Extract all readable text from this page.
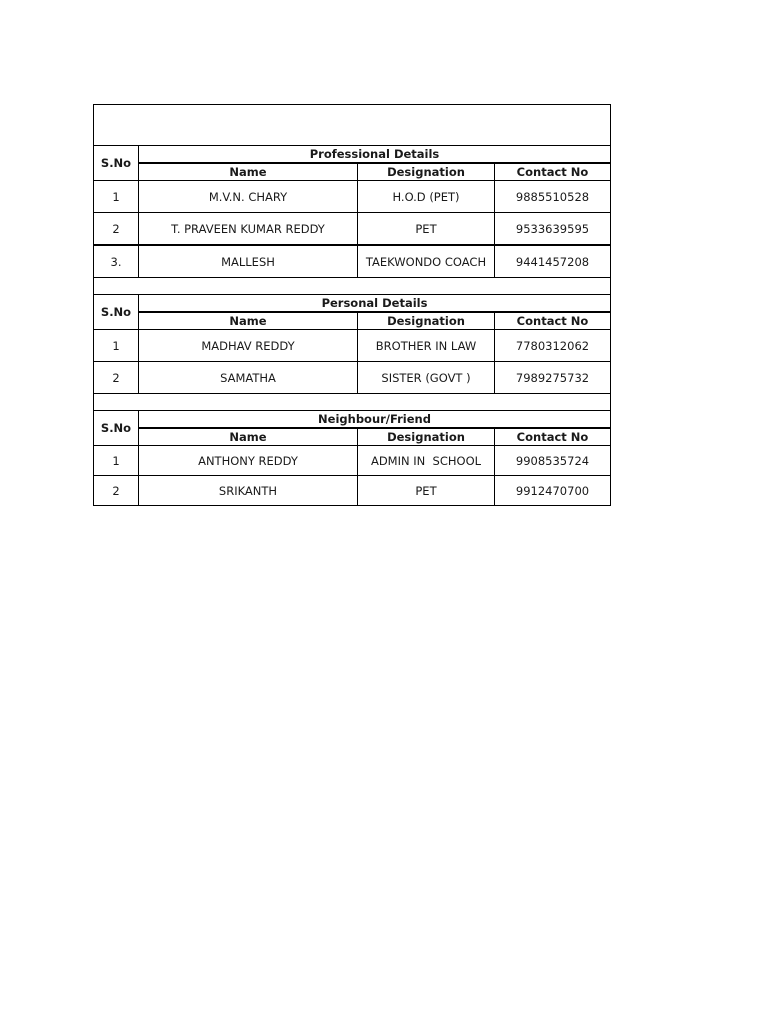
S.No	Professional Details		
	Name	Designation	Contact No
1	M.V.N. CHARY	H.O.D (PET)	9885510528
2	T. PRAVEEN KUMAR REDDY	PET	9533639595
3.	MALLESH	TAEKWONDO COACH	9441457208

S.No	Personal Details		
	Name	Designation	Contact No
1	MADHAV REDDY	BROTHER IN LAW	7780312062
2	SAMATHA	SISTER (GOVT )	7989275732

S.No	Neighbour/Friend		
	Name	Designation	Contact No
1	ANTHONY REDDY	ADMIN IN  SCHOOL	9908535724
2	SRIKANTH	PET	9912470700
